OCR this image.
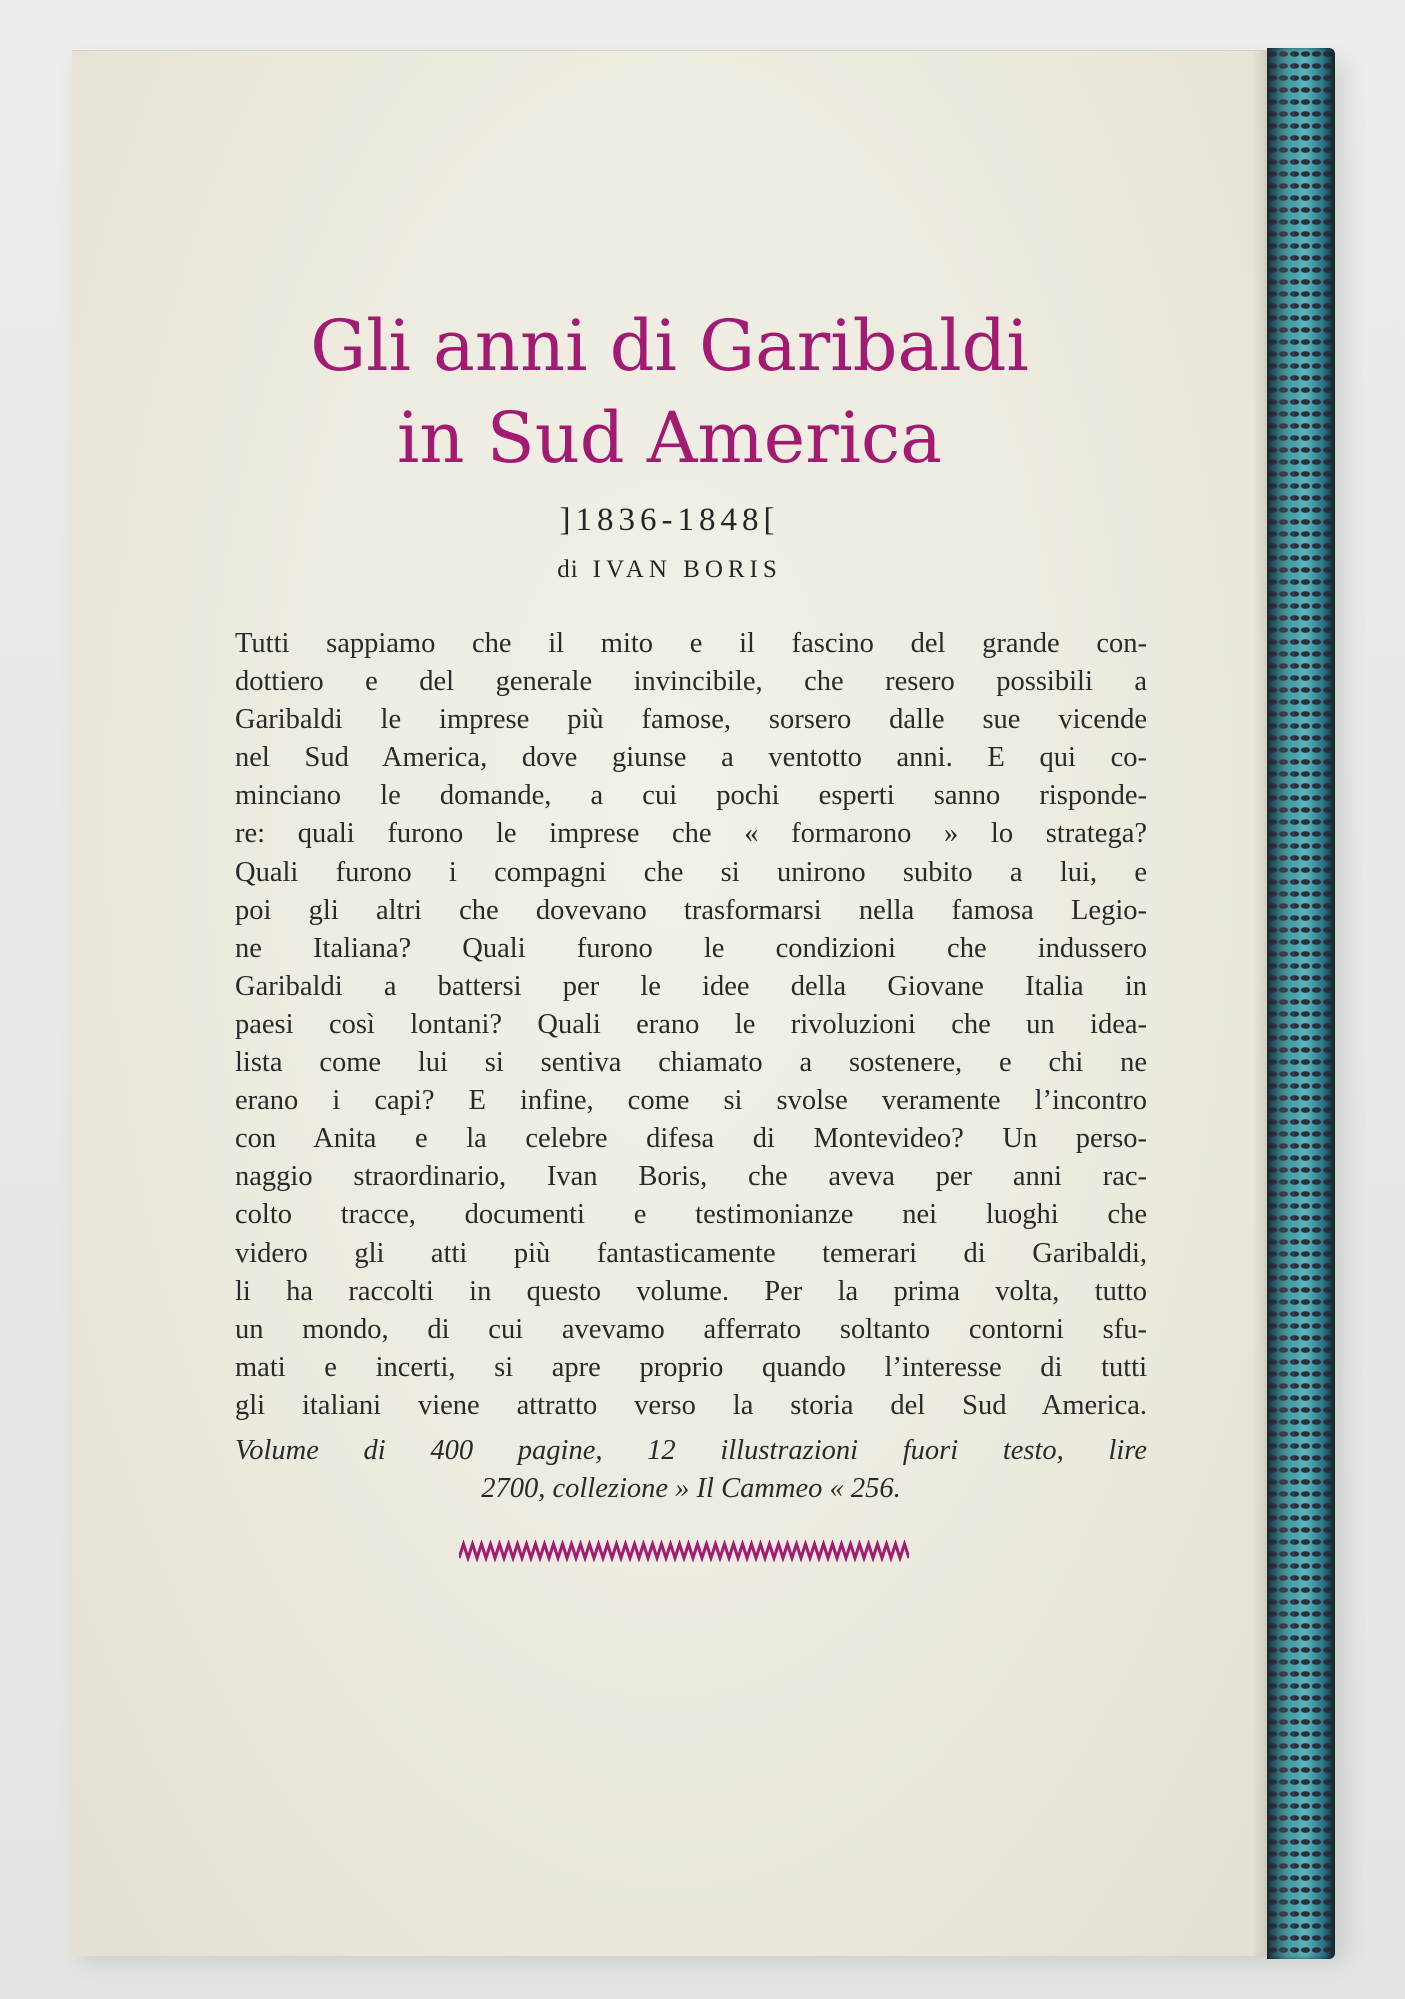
Gli anni di Garibaldi
in Sud America

]1836-1848[

di IVAN BORIS

Tutti sappiamo che il mito e il fascino del grande con-
dottiero e del generale invincibile, che resero possibili a
Garibaldi le imprese più famose, sorsero dalle sue vicende
nel Sud America, dove giunse a ventotto anni. E qui co-
minciano le domande, a cui pochi esperti sanno risponde-
re: quali furono le imprese che « formarono » lo stratega?
Quali furono i compagni che si unirono subito a lui, e
poi gli altri che dovevano trasformarsi nella famosa Legio-
ne Italiana? Quali furono le condizioni che indussero
Garibaldi a battersi per le idee della Giovane Italia in
paesi così lontani? Quali erano le rivoluzioni che un idea-
lista come lui si sentiva chiamato a sostenere, e chi ne
erano i capi? E infine, come si svolse veramente l’incontro
con Anita e la celebre difesa di Montevideo? Un perso-
naggio straordinario, Ivan Boris, che aveva per anni rac-
colto tracce, documenti e testimonianze nei luoghi che
videro gli atti più fantasticamente temerari di Garibaldi,
li ha raccolti in questo volume. Per la prima volta, tutto
un mondo, di cui avevamo afferrato soltanto contorni sfu-
mati e incerti, si apre proprio quando l’interesse di tutti
gli italiani viene attratto verso la storia del Sud America.
Volume di 400 pagine, 12 illustrazioni fuori testo, lire
2700, collezione » Il Cammeo « 256.
